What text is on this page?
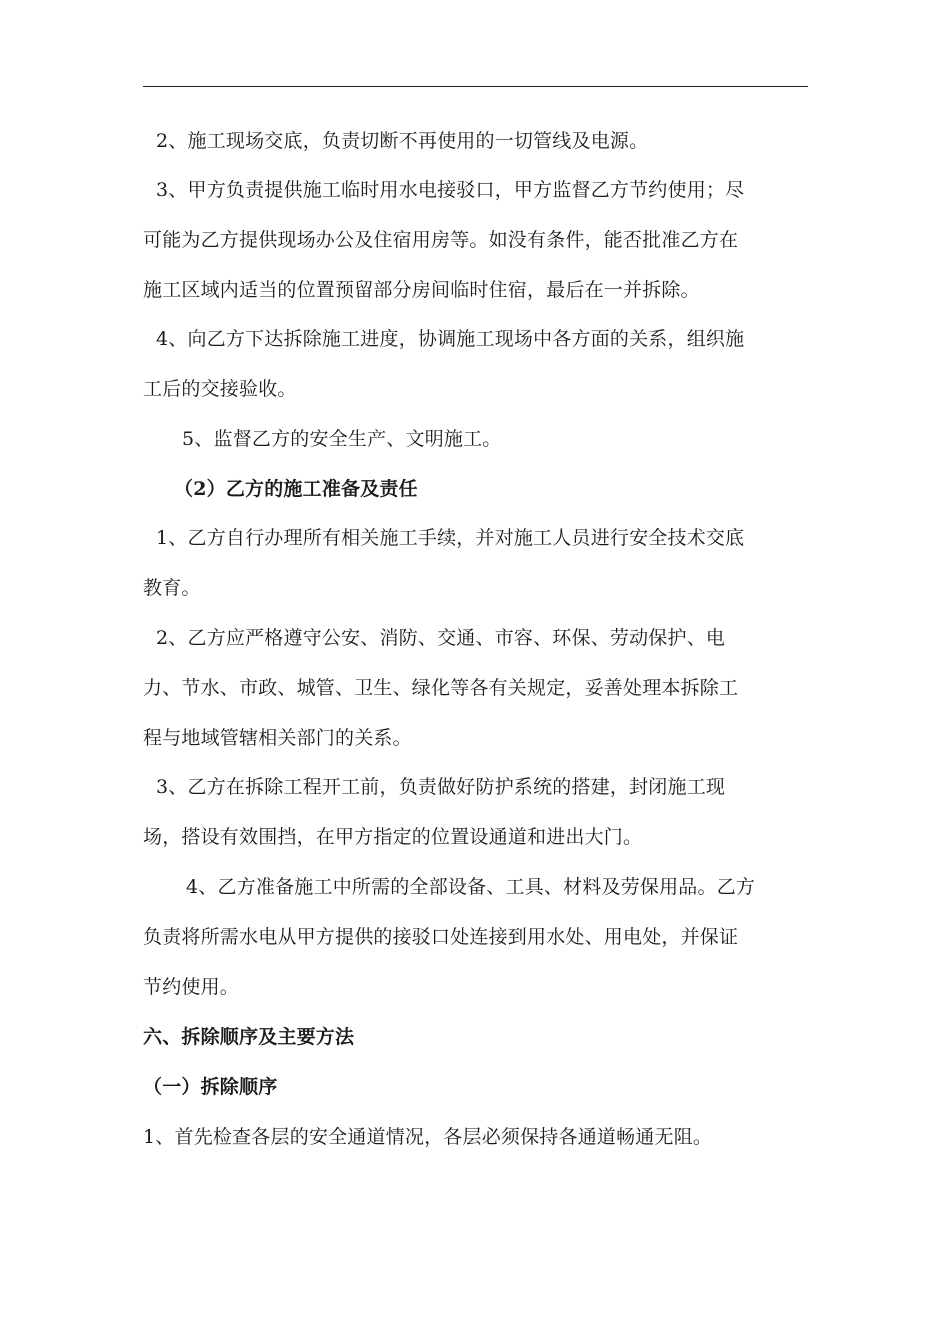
2、施工现场交底，负责切断不再使用的一切管线及电源。
3、甲方负责提供施工临时用水电接驳口，甲方监督乙方节约使用；尽
可能为乙方提供现场办公及住宿用房等。如没有条件，能否批准乙方在
施工区域内适当的位置预留部分房间临时住宿，最后在一并拆除。
4、向乙方下达拆除施工进度，协调施工现场中各方面的关系，组织施
工后的交接验收。
5、监督乙方的安全生产、文明施工。
（2）乙方的施工准备及责任
1、乙方自行办理所有相关施工手续，并对施工人员进行安全技术交底
教育。
2、乙方应严格遵守公安、消防、交通、市容、环保、劳动保护、电
力、节水、市政、城管、卫生、绿化等各有关规定，妥善处理本拆除工
程与地域管辖相关部门的关系。
3、乙方在拆除工程开工前，负责做好防护系统的搭建，封闭施工现
场，搭设有效围挡，在甲方指定的位置设通道和进出大门。
4、乙方准备施工中所需的全部设备、工具、材料及劳保用品。乙方
负责将所需水电从甲方提供的接驳口处连接到用水处、用电处，并保证
节约使用。
六、拆除顺序及主要方法
（一）拆除顺序
1、首先检查各层的安全通道情况，各层必须保持各通道畅通无阻。
